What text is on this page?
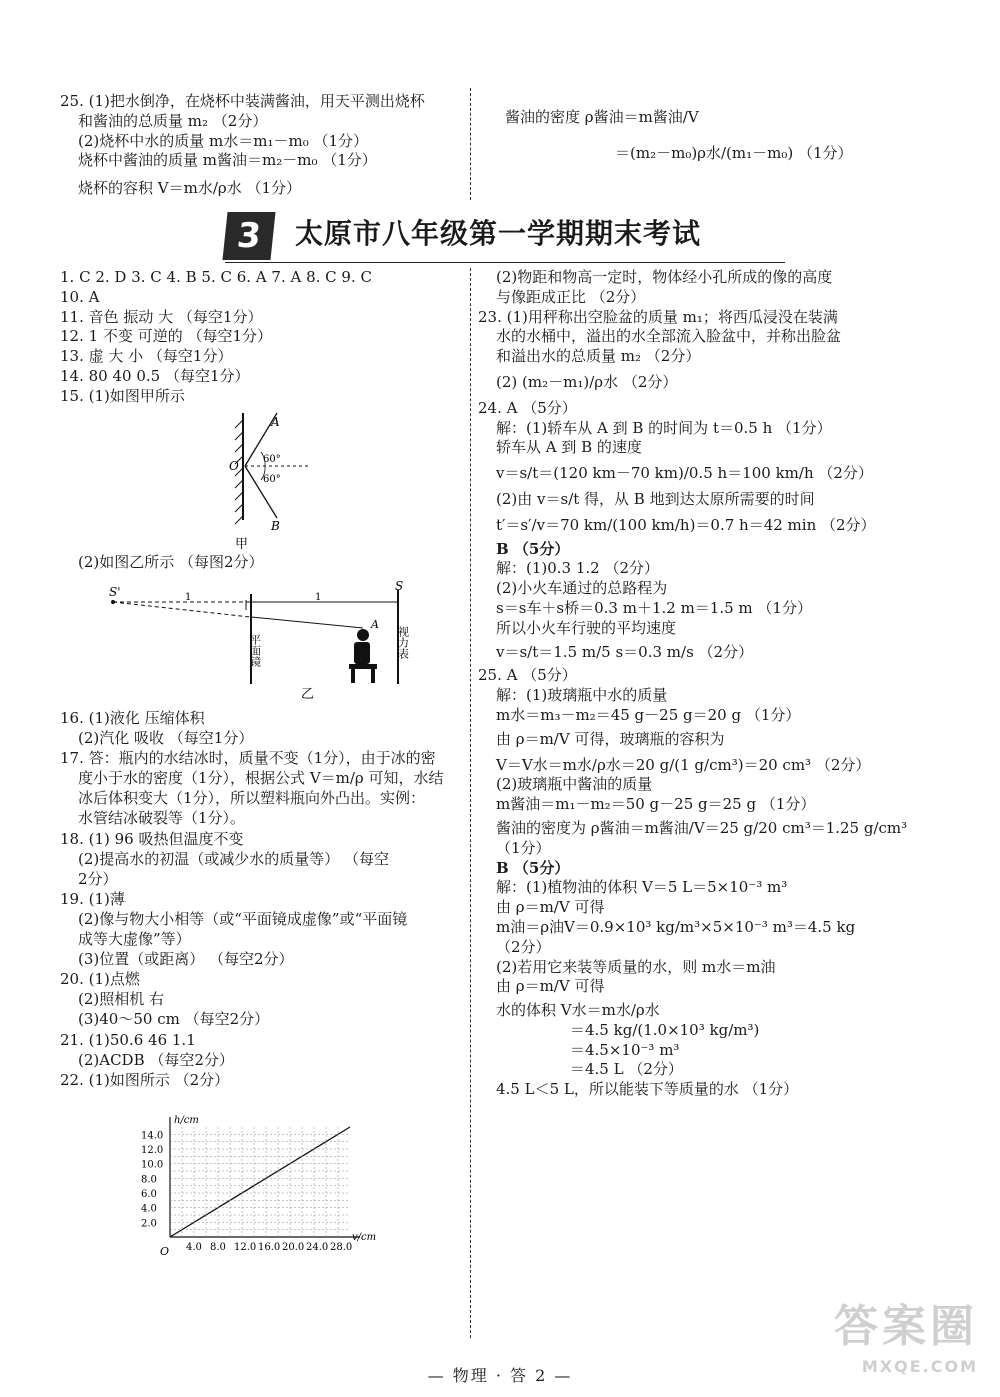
25. (1)把水倒净，在烧杯中装满酱油，用天平测出烧杯
和酱油的总质量 m₂ （2分）
(2)烧杯中水的质量 m水＝m₁－m₀ （1分）
烧杯中酱油的质量 m酱油＝m₂－m₀ （1分）
烧杯的容积 V＝m水/ρ水 （1分）
酱油的密度 ρ酱油＝m酱油/V
＝(m₂－m₀)ρ水/(m₁－m₀) （1分）
3	太原市八年级第一学期期末考试
1. C 2. D 3. C 4. B 5. C 6. A 7. A 8. C 9. C
10. A
11. 音色 振动 大 （每空1分）
12. 1 不变 可逆的 （每空1分）
13. 虚 大 小 （每空1分）
14. 80 40 0.5 （每空1分）
15. (1)如图甲所示
A
O 60°
60°
B
甲
(2)如图乙所示 （每图2分）
S'	1	1
S
A
平面镜	视力表
乙
16. (1)液化 压缩体积
(2)汽化 吸收 （每空1分）
17. 答：瓶内的水结冰时，质量不变（1分），由于冰的密
度小于水的密度（1分），根据公式 V＝m/ρ 可知，水结
冰后体积变大（1分），所以塑料瓶向外凸出。实例：
水管结冰破裂等（1分）。
18. (1) 96 吸热但温度不变
(2)提高水的初温（或减少水的质量等） （每空
2分）
19. (1)薄
(2)像与物大小相等（或“平面镜成虚像”或“平面镜
成等大虚像”等）
(3)位置（或距离） （每空2分）
20. (1)点燃
(2)照相机 右
(3)40～50 cm （每空2分）
21. (1)50.6 46 1.1
(2)ACDB （每空2分）
22. (1)如图所示 （2分）
14.0
12.0
10.0
8.0
6.0
4.0
2.0
28.0
24.0
20.0
16.0
12.0
8.0
4.0
h/cm
v/cm
O
(2)物距和物高一定时，物体经小孔所成的像的高度
与像距成正比 （2分）
23. (1)用秤称出空脸盆的质量 m₁；将西瓜浸没在装满
水的水桶中，溢出的水全部流入脸盆中，并称出脸盆
和溢出水的总质量 m₂ （2分）
(2) (m₂－m₁)/ρ水 （2分）
24. A （5分）
解：(1)轿车从 A 到 B 的时间为 t＝0.5 h （1分）
轿车从 A 到 B 的速度
v＝s/t＝(120 km－70 km)/0.5 h＝100 km/h （2分）
(2)由 v＝s/t 得，从 B 地到达太原所需要的时间
t′＝s′/v＝70 km/(100 km/h)＝0.7 h＝42 min （2分）
B （5分）
解：(1)0.3 1.2 （2分）
(2)小火车通过的总路程为
s＝s车＋s桥＝0.3 m＋1.2 m＝1.5 m （1分）
所以小火车行驶的平均速度
v＝s/t＝1.5 m/5 s＝0.3 m/s （2分）
25. A （5分）
解：(1)玻璃瓶中水的质量
m水＝m₃－m₂＝45 g－25 g＝20 g （1分）
由 ρ＝m/V 可得，玻璃瓶的容积为
V＝V水＝m水/ρ水＝20 g/(1 g/cm³)＝20 cm³ （2分）
(2)玻璃瓶中酱油的质量
m酱油＝m₁－m₂＝50 g－25 g＝25 g （1分）
酱油的密度为 ρ酱油＝m酱油/V＝25 g/20 cm³＝1.25 g/cm³
（1分）
B （5分）
解：(1)植物油的体积 V＝5 L＝5×10⁻³ m³
由 ρ＝m/V 可得
m油＝ρ油V＝0.9×10³ kg/m³×5×10⁻³ m³＝4.5 kg
（2分）
(2)若用它来装等质量的水，则 m水＝m油
由 ρ＝m/V 可得
水的体积 V水＝m水/ρ水
＝4.5 kg/(1.0×10³ kg/m³)
＝4.5×10⁻³ m³
＝4.5 L （2分）
4.5 L＜5 L，所以能装下等质量的水 （1分）
— 物理 · 答 2 —
答案圈
MXQE.COM
